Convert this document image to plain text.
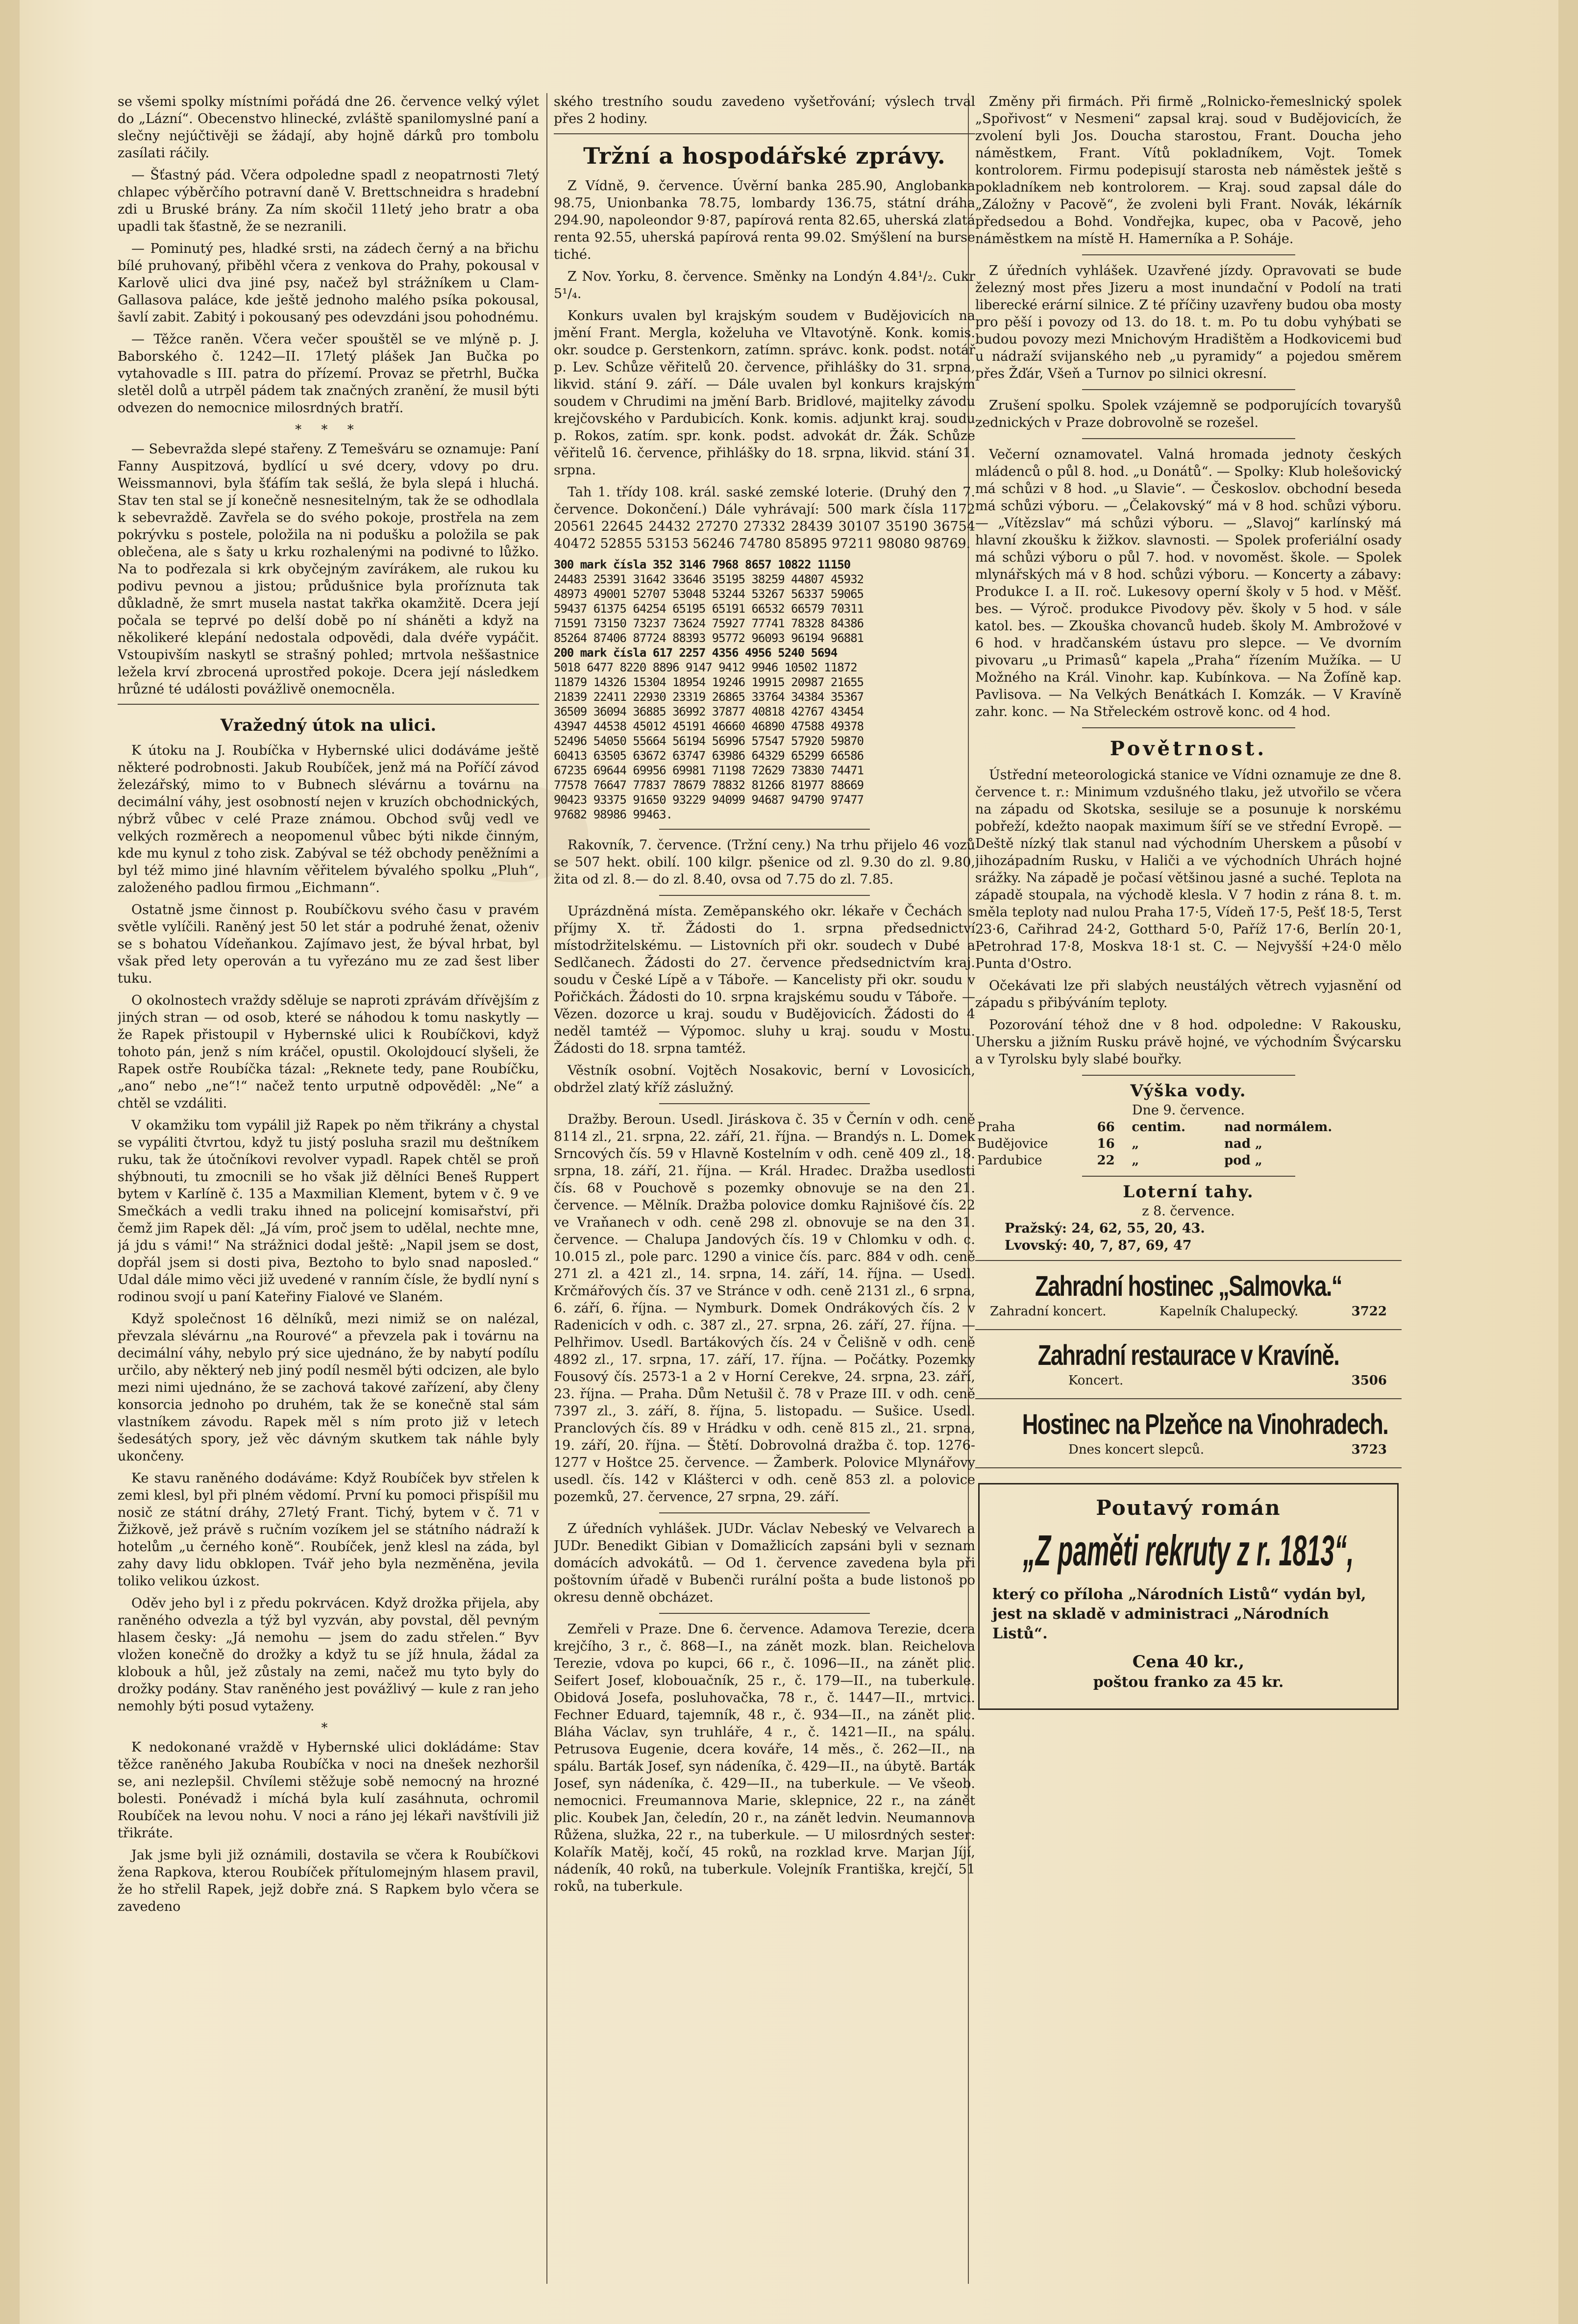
se všemi spolky místními pořádá dne 26. července velký výlet do „Lázní“. Obecenstvo hlinecké, zvláště spanilomyslné paní a slečny nejúčtivěji se žádají, aby hojně dárků pro tombolu zasílati ráčily.

— Šťastný pád. Včera odpoledne spadl z neopatrnosti 7letý chlapec výběrčího potravní daně V. Brettschneidra s hradební zdi u Bruské brány. Za ním skočil 11letý jeho bratr a oba upadli tak šťastně, že se nezranili.

— Pominutý pes, hladké srsti, na zádech černý a na břichu bílé pruhovaný, přiběhl včera z venkova do Prahy, pokousal v Karlově ulici dva jiné psy, načež byl strážníkem u Clam-Gallasova paláce, kde ještě jednoho malého psíka pokousal, šavlí zabit. Zabitý i pokousaný pes odevzdáni jsou pohodnému.

— Těžce raněn. Včera večer spouštěl se ve mlýně p. J. Baborského č. 1242—II. 17letý plášek Jan Bučka po vytahovadle s III. patra do přízemí. Provaz se přetrhl, Bučka sletěl dolů a utrpěl pádem tak značných zranění, že musil býti odvezen do nemocnice milosrdných bratří.

* * *

— Sebevražda slepé stařeny. Z Temešváru se oznamuje: Paní Fanny Auspitzová, bydlící u své dcery, vdovy po dru. Weissmannovi, byla šťáfím tak sešlá, že byla slepá i hluchá. Stav ten stal se jí konečně nesnesitelným, tak že se odhodlala k sebevraždě. Zavřela se do svého pokoje, prostřela na zem pokrývku s postele, položila na ni podušku a položila se pak oblečena, ale s šaty u krku rozhalenými na podivné to lůžko. Na to podřezala si krk obyčejným zavírákem, ale rukou ku podivu pevnou a jistou; průdušnice byla proříznuta tak důkladně, že smrt musela nastat takřka okamžitě. Dcera její počala se teprvé po delší době po ní sháněti a když na několikeré klepání nedostala odpovědi, dala dvéře vypáčit. Vstoupivším naskytl se strašný pohled; mrtvola neššastnice ležela krví zbrocená uprostřed pokoje. Dcera její následkem hrůzné té události povážlivě onemocněla.

Vražedný útok na ulici.

K útoku na J. Roubíčka v Hybernské ulici dodáváme ještě některé podrobnosti. Jakub Roubíček, jenž má na Poříčí závod železářský, mimo to v Bubnech slévárnu a továrnu na decimální váhy, jest osobností nejen v kruzích obchodnických, nýbrž vůbec v celé Praze známou. Obchod svůj vedl ve velkých rozměrech a neopomenul vůbec býti nikde činným, kde mu kynul z toho zisk. Zabýval se též obchody peněžními a byl též mimo jiné hlavním věřitelem bývalého spolku „Pluh“, založeného padlou firmou „Eichmann“.

Ostatně jsme činnost p. Roubíčkovu svého času v pravém světle vylíčili. Raněný jest 50 let stár a podruhé ženat, oženiv se s bohatou Vídeňankou. Zajímavo jest, že býval hrbat, byl však před lety operován a tu vyřezáno mu ze zad šest liber tuku.

O okolnostech vraždy sděluje se naproti zprávám dřívějším z jiných stran — od osob, které se náhodou k tomu naskytly — že Rapek přistoupil v Hybernské ulici k Roubíčkovi, když tohoto pán, jenž s ním kráčel, opustil. Okolojdoucí slyšeli, že Rapek ostře Roubíčka tázal: „Reknete tedy, pane Roubíčku, „ano“ nebo „ne“!“ načež tento urputně odpověděl: „Ne“ a chtěl se vzdáliti.

V okamžiku tom vypálil již Rapek po něm třikrány a chystal se vypáliti čtvrtou, když tu jistý posluha srazil mu deštníkem ruku, tak že útočníkovi revolver vypadl. Rapek chtěl se proň shýbnouti, tu zmocnili se ho však již dělníci Beneš Ruppert bytem v Karlíně č. 135 a Maxmilian Klement, bytem v č. 9 ve Smečkách a vedli traku ihned na policejní komisařství, při čemž jim Rapek děl: „Já vím, proč jsem to udělal, nechte mne, já jdu s vámi!“ Na strážnici dodal ještě: „Napil jsem se dost, dopřál jsem si dosti piva, Beztoho to bylo snad naposled.“ Udal dále mimo věci již uvedené v ranním čísle, že bydlí nyní s rodinou svojí u paní Kateřiny Fialové ve Slaném.

Když společnost 16 dělníků, mezi nimiž se on nalézal, převzala slévárnu „na Rourové“ a převzela pak i továrnu na decimální váhy, nebylo prý sice ujednáno, že by nabytí podílu určilo, aby některý neb jiný podíl nesměl býti odcizen, ale bylo mezi nimi ujednáno, že se zachová takové zařízení, aby členy konsorcia jednoho po druhém, tak že se konečně stal sám vlastníkem závodu. Rapek měl s ním proto již v letech šedesátých spory, jež věc dávným skutkem tak náhle byly ukončeny.

Ke stavu raněného dodáváme: Když Roubíček byv střelen k zemi klesl, byl při plném vědomí. První ku pomoci přispíšil mu nosič ze státní dráhy, 27letý Frant. Tichý, bytem v č. 71 v Žižkově, jež právě s ručním vozíkem jel se státního nádraží k hotelům „u černého koně“. Roubíček, jenž klesl na záda, byl zahy davy lidu obklopen. Tvář jeho byla nezměněna, jevila toliko velikou úzkost.

Oděv jeho byl i z předu pokrvácen. Když drožka přijela, aby raněného odvezla a týž byl vyzván, aby povstal, děl pevným hlasem česky: „Já nemohu — jsem do zadu střelen.“ Byv vložen konečně do drožky a když tu se jíž hnula, žádal za klobouk a hůl, jež zůstaly na zemi, načež mu tyto byly do drožky podány. Stav raněného jest povážlivý — kule z ran jeho nemohly býti posud vytaženy.

*

K nedokonané vraždě v Hybernské ulici dokládáme: Stav těžce raněného Jakuba Roubíčka v noci na dnešek nezhoršil se, ani nezlepšil. Chvílemi stěžuje sobě nemocný na hrozné bolesti. Ponévadž i míchá byla kulí zasáhnuta, ochromil Roubíček na levou nohu. V noci a ráno jej lékaři navštívili již třikráte.

Jak jsme byli již oznámili, dostavila se včera k Roubíčkovi žena Rapkova, kterou Roubíček přítulomejným hlasem pravil, že ho střelil Rapek, jejž dobře zná. S Rapkem bylo včera se zavedeno

ského trestního soudu zavedeno vyšetřování; výslech trval přes 2 hodiny.

Tržní a hospodářské zprávy.

Z Vídně, 9. července. Úvěrní banka 285.90, Anglobanka 98.75, Unionbanka 78.75, lombardy 136.75, státní dráha 294.90, napoleondor 9·87, papírová renta 82.65, uherská zlatá renta 92.55, uherská papírová renta 99.02. Smýšlení na burse tiché.

Z Nov. Yorku, 8. července. Směnky na Londýn 4.84¹/₂. Cukr 5¹/₄.

Konkurs uvalen byl krajským soudem v Budějovicích na jmění Frant. Mergla, koželuha ve Vltavotýně. Konk. komis. okr. soudce p. Gerstenkorn, zatímn. správc. konk. podst. notář p. Lev. Schůze věřitelů 20. července, přihlášky do 31. srpna, likvid. stání 9. září. — Dále uvalen byl konkurs krajským soudem v Chrudimi na jmění Barb. Bridlové, majitelky závodu krejčovského v Pardubicích. Konk. komis. adjunkt kraj. soudu p. Rokos, zatím. spr. konk. podst. advokát dr. Žák. Schůze věřitelů 16. července, přihlášky do 18. srpna, likvid. stání 31. srpna.

Tah 1. třídy 108. král. saské zemské loterie. (Druhý den 7. července. Dokončení.) Dále vyhrávají: 500 mark čísla 1172 20561 22645 24432 27270 27332 28439 30107 35190 36754 40472 52855 53153 56246 74780 85895 97211 98080 98769.

300 mark čísla 352 3146 7968 8657 10822 11150
24483 25391 31642 33646 35195 38259 44807 45932
48973 49001 52707 53048 53244 53267 56337 59065
59437 61375 64254 65195 65191 66532 66579 70311
71591 73150 73237 73624 75927 77741 78328 84386
85264 87406 87724 88393 95772 96093 96194 96881
200 mark čísla 617 2257 4356 4956 5240 5694
5018 6477 8220 8896 9147 9412 9946 10502 11872
11879 14326 15304 18954 19246 19915 20987 21655
21839 22411 22930 23319 26865 33764 34384 35367
36509 36094 36885 36992 37877 40818 42767 43454
43947 44538 45012 45191 46660 46890 47588 49378
52496 54050 55664 56194 56996 57547 57920 59870
60413 63505 63672 63747 63986 64329 65299 66586
67235 69644 69956 69981 71198 72629 73830 74471
77578 76647 77837 78679 78832 81266 81977 88669
90423 93375 91650 93229 94099 94687 94790 97477
97682 98986 99463.

Rakovník, 7. července. (Tržní ceny.) Na trhu přijelo 46 vozů se 507 hekt. obilí. 100 kilgr. pšenice od zl. 9.30 do zl. 9.80, žita od zl. 8.— do zl. 8.40, ovsa od 7.75 do zl. 7.85.

Uprázdněná místa. Zeměpanského okr. lékaře v Čechách s příjmy X. tř. Žádosti do 1. srpna předsednictví místodržitelskému. — Listovních při okr. soudech v Dubé a Sedlčanech. Žádosti do 27. července předsednictvím kraj. soudu v České Lípě a v Táboře. — Kancelisty při okr. soudu v Pořičkách. Žádosti do 10. srpna krajskému soudu v Táboře. — Vězen. dozorce u kraj. soudu v Budějovicích. Žádosti do 4 neděl tamtéž — Výpomoc. sluhy u kraj. soudu v Mostu. Žádosti do 18. srpna tamtéž.

Věstník osobní. Vojtěch Nosakovic, berní v Lovosicích, obdržel zlatý kříž záslužný.

Dražby. Beroun. Usedl. Jiráskova č. 35 v Černín v odh. ceně 8114 zl., 21. srpna, 22. září, 21. října. — Brandýs n. L. Domek Srncových čís. 59 v Hlavně Kostelním v odh. ceně 409 zl., 18. srpna, 18. září, 21. října. — Král. Hradec. Dražba usedlosti čís. 68 v Pouchově s pozemky obnovuje se na den 21. července. — Mělník. Dražba polovice domku Rajnišové čís. 22 ve Vraňanech v odh. ceně 298 zl. obnovuje se na den 31. července. — Chalupa Jandových čís. 19 v Chlomku v odh. c. 10.015 zl., pole parc. 1290 a vinice čís. parc. 884 v odh. ceně 271 zl. a 421 zl., 14. srpna, 14. září, 14. října. — Usedl. Krčmářových čís. 37 ve Stránce v odh. ceně 2131 zl., 6 srpna, 6. září, 6. října. — Nymburk. Domek Ondrákových čís. 2 v Radenicích v odh. c. 387 zl., 27. srpna, 26. září, 27. října. — Pelhřimov. Usedl. Bartákových čís. 24 v Čelišně v odh. ceně 4892 zl., 17. srpna, 17. září, 17. října. — Počátky. Pozemky Fousový čís. 2573-1 a 2 v Horní Cerekve, 24. srpna, 23. září, 23. října. — Praha. Dům Netušil č. 78 v Praze III. v odh. ceně 7397 zl., 3. září, 8. října, 5. listopadu. — Sušice. Usedl. Pranclových čís. 89 v Hrádku v odh. ceně 815 zl., 21. srpna, 19. září, 20. října. — Štětí. Dobrovolná dražba č. top. 1276-1277 v Hoštce 25. července. — Žamberk. Polovice Mlynářovy usedl. čís. 142 v Klášterci v odh. ceně 853 zl. a polovice pozemků, 27. července, 27 srpna, 29. září.

Z úředních vyhlášek. JUDr. Václav Nebeský ve Velvarech a JUDr. Benedikt Gibian v Domažlicích zapsáni byli v seznam domácích advokátů. — Od 1. července zavedena byla při poštovním úřadě v Bubenči rurální pošta a bude listonoš po okresu denně obcházet.

Zemřeli v Praze. Dne 6. července. Adamova Terezie, dcera krejčího, 3 r., č. 868—I., na zánět mozk. blan. Reichelova Terezie, vdova po kupci, 66 r., č. 1096—II., na zánět plic. Seifert Josef, klobouačník, 25 r., č. 179—II., na tuberkule. Obidová Josefa, posluhovačka, 78 r., č. 1447—II., mrtvici. Fechner Eduard, tajemník, 48 r., č. 934—II., na zánět plic. Bláha Václav, syn truhláře, 4 r., č. 1421—II., na spálu. Petrusova Eugenie, dcera kováře, 14 měs., č. 262—II., na spálu. Barták Josef, syn nádeníka, č. 429—II., na úbytě. Barták Josef, syn nádeníka, č. 429—II., na tuberkule. — Ve všeob. nemocnici. Freumannova Marie, sklepnice, 22 r., na zánět plic. Koubek Jan, čeledín, 20 r., na zánět ledvin. Neumannova Růžena, služka, 22 r., na tuberkule. — U milosrdných sester: Kolařík Matěj, kočí, 45 roků, na rozklad krve. Marjan Jíjí, nádeník, 40 roků, na tuberkule. Volejník Františka, krejčí, 51 roků, na tuberkule.

Změny při firmách. Při firmě „Rolnicko-řemeslnický spolek „Spořivost“ v Nesmeni“ zapsal kraj. soud v Budějovicích, že zvolení byli Jos. Doucha starostou, Frant. Doucha jeho náměstkem, Frant. Vítů pokladníkem, Vojt. Tomek kontrolorem. Firmu podepisují starosta neb náměstek ještě s pokladníkem neb kontrolorem. — Kraj. soud zapsal dále do „Záložny v Pacově“, že zvoleni byli Frant. Novák, lékárník předsedou a Bohd. Vondřejka, kupec, oba v Pacově, jeho náměstkem na místě H. Hamerníka a P. Soháje.

Z úředních vyhlášek. Uzavřené jízdy. Opravovati se bude železný most přes Jizeru a most inundační v Podolí na trati liberecké erární silnice. Z té příčiny uzavřeny budou oba mosty pro pěší i povozy od 13. do 18. t. m. Po tu dobu vyhýbati se budou povozy mezi Mnichovým Hradištěm a Hodkovicemi buď u nádraží svijanského neb „u pyramidy“ a pojedou směrem přes Žďár, Všeň a Turnov po silnici okresní.

Zrušení spolku. Spolek vzájemně se podporujících tovaryšů zednických v Praze dobrovolně se rozešel.

Večerní oznamovatel. Valná hromada jednoty českých mládenců o půl 8. hod. „u Donátů“. — Spolky: Klub holešovický má schůzi v 8 hod. „u Slavie“. — Českoslov. obchodní beseda má schůzi výboru. — „Čelakovský“ má v 8 hod. schůzi výboru. — „Vítězslav“ má schůzi výboru. — „Slavoj“ karlínský má hlavní zkoušku k žižkov. slavnosti. — Spolek proferiální osady má schůzi výboru o půl 7. hod. v novoměst. škole. — Spolek mlynářských má v 8 hod. schůzi výboru. — Koncerty a zábavy: Produkce I. a II. roč. Lukesovy operní školy v 5 hod. v Měšť. bes. — Výroč. produkce Pivodovy pěv. školy v 5 hod. v sále katol. bes. — Zkouška chovanců hudeb. školy M. Ambrožové v 6 hod. v hradčanském ústavu pro slepce. — Ve dvorním pivovaru „u Primasů“ kapela „Praha“ řízením Mužíka. — U Možného na Král. Vinohr. kap. Kubínkova. — Na Žofíně kap. Pavlisova. — Na Velkých Benátkách I. Komzák. — V Kravíně zahr. konc. — Na Střeleckém ostrově konc. od 4 hod.

Povětrnost.

Ústřední meteorologická stanice ve Vídni oznamuje ze dne 8. července t. r.: Minimum vzdušného tlaku, jež utvořilo se včera na západu od Skotska, sesiluje se a posunuje k norskému pobřeží, kdežto naopak maximum šíří se ve střední Evropě. — Deště nízký tlak stanul nad východním Uherskem a působí v jihozápadním Rusku, v Haliči a ve východních Uhrách hojné srážky. Na západě je počasí většinou jasné a suché. Teplota na západě stoupala, na východě klesla. V 7 hodin z rána 8. t. m. měla teploty nad nulou Praha 17·5, Vídeň 17·5, Pešť 18·5, Terst 23·6, Cařihrad 24·2, Gotthard 5·0, Paříž 17·6, Berlín 20·1, Petrohrad 17·8, Moskva 18·1 st. C. — Nejvyšší +24·0 mělo Punta d'Ostro.

Očekávati lze při slabých neustálých větrech vyjasnění od západu s přibýváním teploty.

Pozorování téhož dne v 8 hod. odpoledne: V Rakousku, Uhersku a jižním Rusku právě hojné, ve východním Švýcarsku a v Tyrolsku byly slabé bouřky.

Výška vody.
Dne 9. července.
Praha	66	centim.	nad normálem.
Budějovice	16	„	nad „
Pardubice	22	„	pod „
Loterní tahy.
z 8. července.
Pražský: 24, 62, 55, 20, 43.
Lvovský: 40, 7, 87, 69, 47
Zahradní hostinec „Salmovka.“
Zahradní koncert.	Kapelník Chalupecký.	3722
Zahradní restaurace v Kravíně.
Koncert.	3506
Hostinec na Plzeňce na Vinohradech.
Dnes koncert slepců.	3723
Poutavý román
„Z paměti rekruty z r. 1813“,
který co příloha „Národních Listů“ vydán byl, jest na skladě v administraci „Národních Listů“.
Cena 40 kr.,
poštou franko za 45 kr.
